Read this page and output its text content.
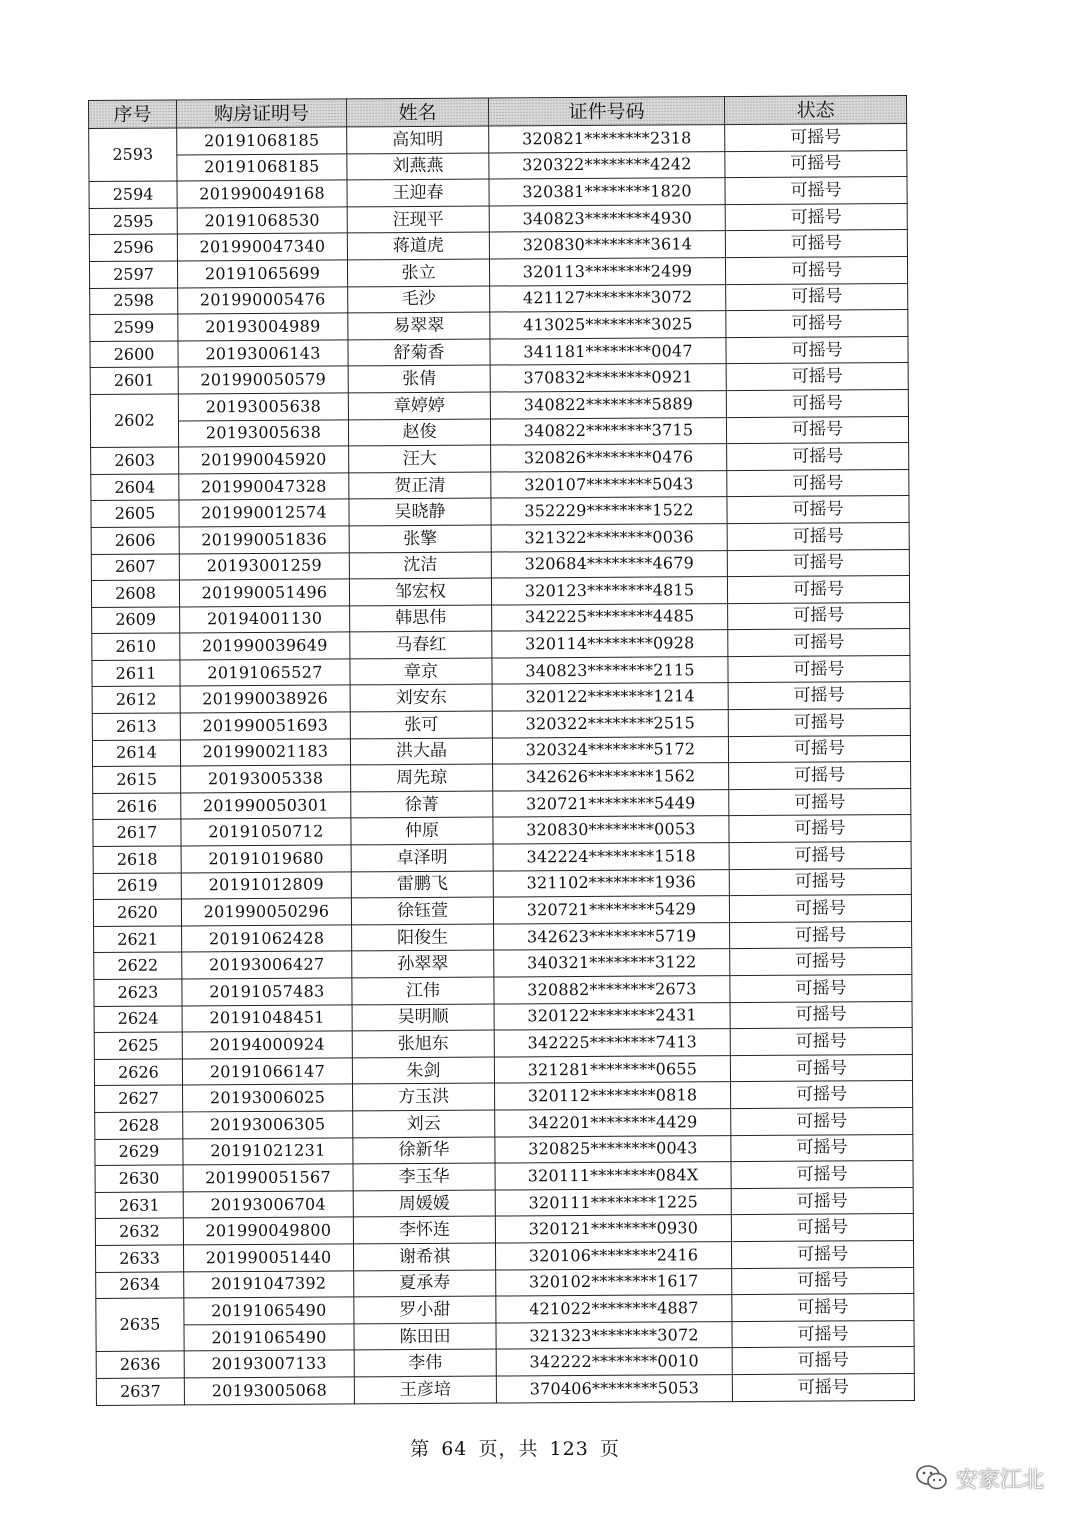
序号	购房证明号	姓名	证件号码	状态
2593	20191068185	高知明	320821********2318	可摇号
	20191068185	刘燕燕	320322********4242	可摇号
2594	201990049168	王迎春	320381********1820	可摇号
2595	20191068530	汪现平	340823********4930	可摇号
2596	201990047340	蒋道虎	320830********3614	可摇号
2597	20191065699	张立	320113********2499	可摇号
2598	201990005476	毛沙	421127********3072	可摇号
2599	20193004989	易翠翠	413025********3025	可摇号
2600	20193006143	舒菊香	341181********0047	可摇号
2601	201990050579	张倩	370832********0921	可摇号
2602	20193005638	章婷婷	340822********5889	可摇号
	20193005638	赵俊	340822********3715	可摇号
2603	201990045920	汪大	320826********0476	可摇号
2604	201990047328	贺正清	320107********5043	可摇号
2605	201990012574	吴晓静	352229********1522	可摇号
2606	201990051836	张擎	321322********0036	可摇号
2607	20193001259	沈洁	320684********4679	可摇号
2608	201990051496	邹宏权	320123********4815	可摇号
2609	20194001130	韩思伟	342225********4485	可摇号
2610	201990039649	马春红	320114********0928	可摇号
2611	20191065527	章京	340823********2115	可摇号
2612	201990038926	刘安东	320122********1214	可摇号
2613	201990051693	张可	320322********2515	可摇号
2614	201990021183	洪大晶	320324********5172	可摇号
2615	20193005338	周先琼	342626********1562	可摇号
2616	201990050301	徐菁	320721********5449	可摇号
2617	20191050712	仲原	320830********0053	可摇号
2618	20191019680	卓泽明	342224********1518	可摇号
2619	20191012809	雷鹏飞	321102********1936	可摇号
2620	201990050296	徐钰萱	320721********5429	可摇号
2621	20191062428	阳俊生	342623********5719	可摇号
2622	20193006427	孙翠翠	340321********3122	可摇号
2623	20191057483	江伟	320882********2673	可摇号
2624	20191048451	吴明顺	320122********2431	可摇号
2625	20194000924	张旭东	342225********7413	可摇号
2626	20191066147	朱剑	321281********0655	可摇号
2627	20193006025	方玉洪	320112********0818	可摇号
2628	20193006305	刘云	342201********4429	可摇号
2629	20191021231	徐新华	320825********0043	可摇号
2630	201990051567	李玉华	320111********084X	可摇号
2631	20193006704	周媛媛	320111********1225	可摇号
2632	201990049800	李怀连	320121********0930	可摇号
2633	201990051440	谢希祺	320106********2416	可摇号
2634	20191047392	夏承寿	320102********1617	可摇号
2635	20191065490	罗小甜	421022********4887	可摇号
	20191065490	陈田田	321323********3072	可摇号
2636	20193007133	李伟	342222********0010	可摇号
2637	20193005068	王彦培	370406********5053	可摇号
第 64 页，共 123 页
安家江北
